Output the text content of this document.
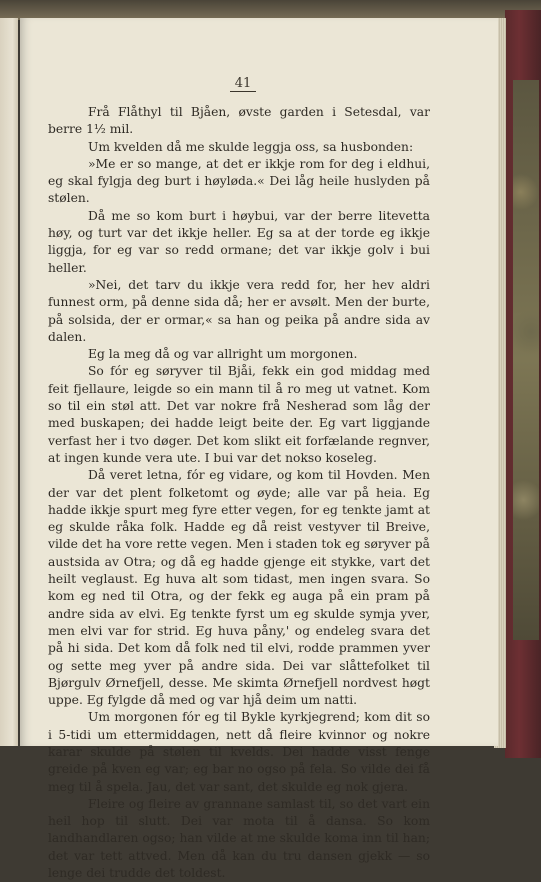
41

Frå Flåthyl til Bjåen, øvste garden i Setesdal, var berre 1½ mil.

Um kvelden då me skulde leggja oss, sa husbonden:

»Me er so mange, at det er ikkje rom for deg i eldhui, eg skal fylgja deg burt i høyløda.« Dei låg heile huslyden på stølen.

Då me so kom burt i høybui, var der berre litevetta høy, og turt var det ikkje heller. Eg sa at der torde eg ikkje liggja, for eg var so redd ormane; det var ikkje golv i bui heller.

»Nei, det tarv du ikkje vera redd for, her hev aldri funnest orm, på denne sida då; her er avsølt. Men der burte, på solsida, der er ormar,« sa han og peika på andre sida av dalen.

Eg la meg då og var allright um morgonen.

So fór eg søryver til Bjåi, fekk ein god middag med feit fjellaure, leigde so ein mann til å ro meg ut vatnet. Kom so til ein støl att. Det var nokre frå Nesherad som låg der med buskapen; dei hadde leigt beite der. Eg vart liggjande verfast her i tvo døger. Det kom slikt eit forfælande regnver, at ingen kunde vera ute. I bui var det nokso koseleg.

Då veret letna, fór eg vidare, og kom til Hovden. Men der var det plent folketomt og øyde; alle var på heia. Eg hadde ikkje spurt meg fyre etter vegen, for eg tenkte jamt at eg skulde råka folk. Hadde eg då reist vestyver til Breive, vilde det ha vore rette vegen. Men i staden tok eg søryver på austsida av Otra; og då eg hadde gjenge eit stykke, vart det heilt veglaust. Eg huva alt som tidast, men ingen svara. So kom eg ned til Otra, og der fekk eg auga på ein pram på andre sida av elvi. Eg tenkte fyrst um eg skulde symja yver, men elvi var for strid. Eg huva påny,' og endeleg svara det på hi sida. Det kom då folk ned til elvi, rodde prammen yver og sette meg yver på andre sida. Dei var slåttefolket til Bjørgulv Ørnefjell, desse. Me skimta Ørnefjell nordvest høgt uppe. Eg fylgde då med og var hjå deim um natti.

Um morgonen fór eg til Bykle kyrkjegrend; kom dit so i 5-tidi um ettermiddagen, nett då fleire kvinnor og nokre karar skulde på stølen til kvelds. Dei hadde visst fenge greide på kven eg var; eg bar no ogso på fela. So vilde dei få meg til å spela. Jau, det var sant, det skulde eg nok gjera.

Fleire og fleire av grannane samlast til, so det vart ein heil hop til slutt. Dei var mota til å dansa. So kom landhandlaren ogso; han vilde at me skulde koma inn til han; det var tett attved. Men då kan du tru dansen gjekk — so lenge dei trudde det toldest.
